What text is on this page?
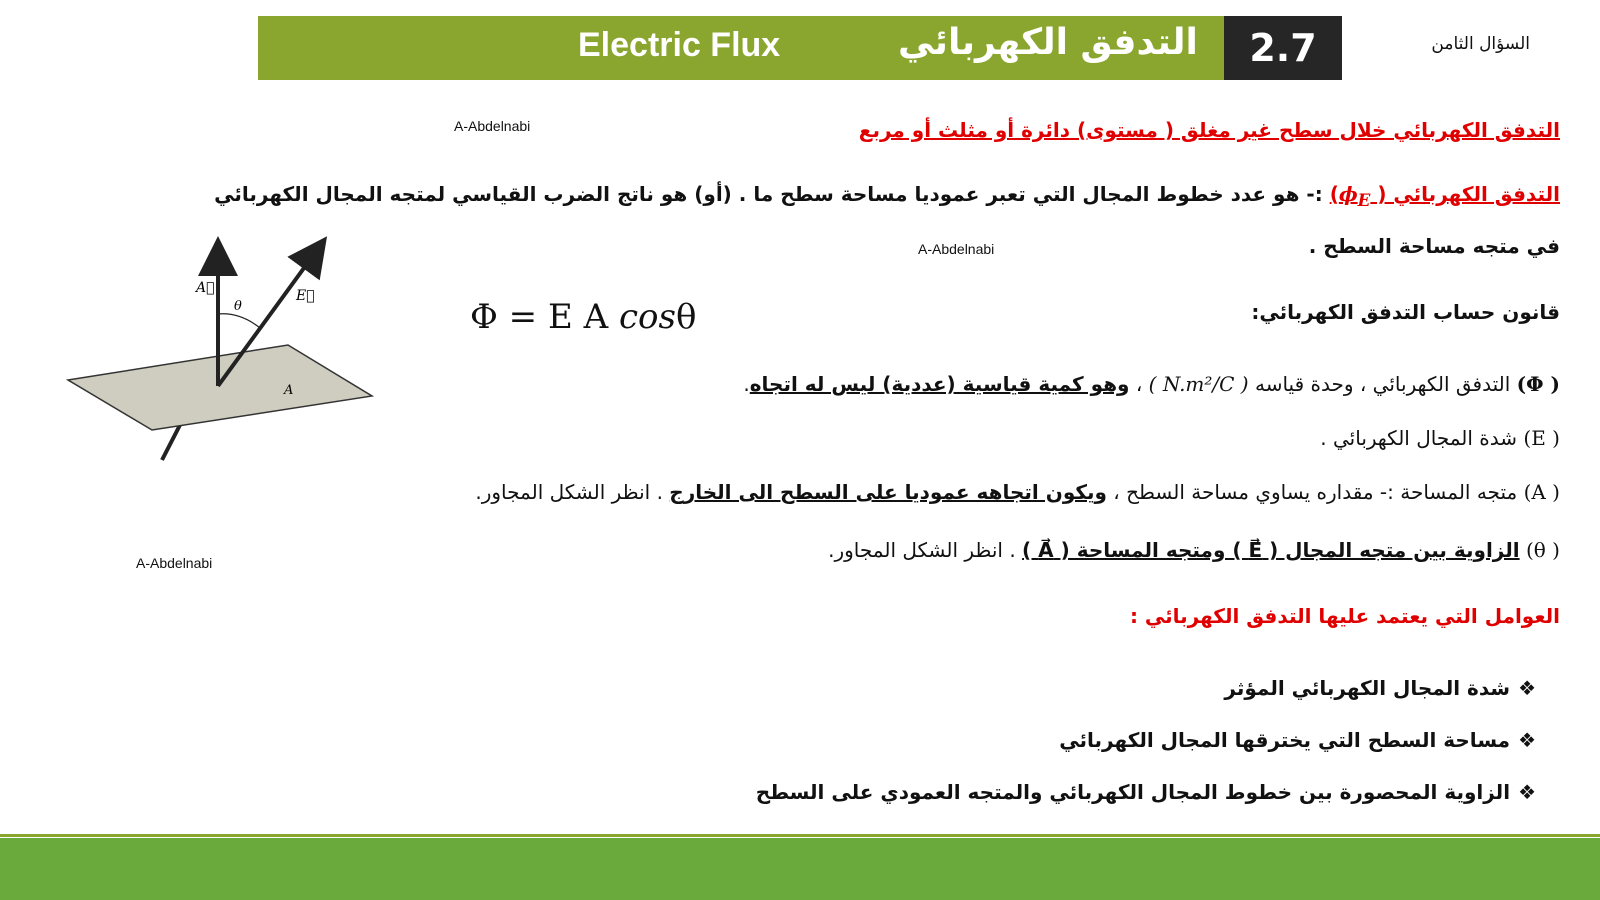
Electric Flux	التدفق الكهربائي	2.7	السؤال الثامن
A-Abdelnabi
A-Abdelnabi
A-Abdelnabi
التدفق الكهربائي خلال سطح غير مغلق ( مستوى) دائرة أو مثلث أو مربع
التدفق الكهربائي ( $\phi_E$) :- هو عدد خطوط المجال التي تعبر عموديا مساحة سطح ما . (أو) هو ناتج الضرب القياسي لمتجه المجال الكهربائي
في متجه مساحة السطح .
قانون حساب التدفق الكهربائي:
Φ = E A cosθ
( Φ) التدفق الكهربائي ، وحدة قياسه ( N.m²/C ) ، وهو كمية قياسية (عددية) ليس له اتجاه.
( E) شدة المجال الكهربائي .
( A) متجه المساحة :- مقداره يساوي مساحة السطح ، ويكون اتجاهه عموديا على السطح الى الخارج . انظر الشكل المجاور.
( θ) الزاوية بين متجه المجال ( E⃗ ) ومتجه المساحة ( A⃗ ) . انظر الشكل المجاور.
العوامل التي يعتمد عليها التدفق الكهربائي :
❖شدة المجال الكهربائي المؤثر
❖مساحة السطح التي يخترقها المجال الكهربائي
❖الزاوية المحصورة بين خطوط المجال الكهربائي والمتجه العمودي على السطح
A⃗	E⃗
θ
A
